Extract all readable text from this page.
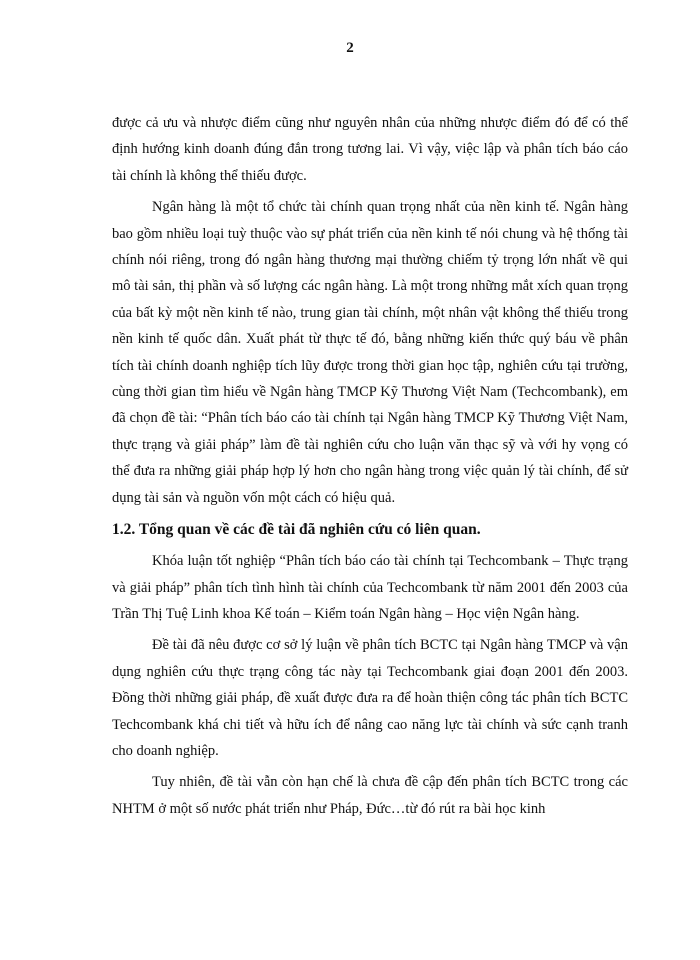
2

được cả ưu và nhược điểm cũng như nguyên nhân của những nhược điểm đó để có thể định hướng kinh doanh đúng đắn trong tương lai. Vì vậy, việc lập và phân tích báo cáo tài chính là không thể thiếu được.

Ngân hàng là một tổ chức tài chính quan trọng nhất của nền kinh tế. Ngân hàng bao gồm nhiều loại tuỳ thuộc vào sự phát triển của nền kinh tế nói chung và hệ thống tài chính nói riêng, trong đó ngân hàng thương mại thường chiếm tỷ trọng lớn nhất về qui mô tài sản, thị phần và số lượng các ngân hàng. Là một trong những mắt xích quan trọng của bất kỳ một nền kinh tế nào, trung gian tài chính, một nhân vật không thể thiếu trong nền kinh tế quốc dân. Xuất phát từ thực tế đó, bằng những kiến thức quý báu về phân tích tài chính doanh nghiệp tích lũy được trong thời gian học tập, nghiên cứu tại trường, cùng thời gian tìm hiểu về Ngân hàng TMCP Kỹ Thương Việt Nam (Techcombank), em đã chọn đề tài: “Phân tích báo cáo tài chính tại Ngân hàng TMCP Kỹ Thương Việt Nam, thực trạng và giải pháp” làm đề tài nghiên cứu cho luận văn thạc sỹ và với hy vọng có thể đưa ra những giải pháp hợp lý hơn cho ngân hàng trong việc quản lý tài chính, để sử dụng tài sản và nguồn vốn một cách có hiệu quả.

1.2. Tổng quan về các đề tài đã nghiên cứu có liên quan.

Khóa luận tốt nghiệp “Phân tích báo cáo tài chính tại Techcombank – Thực trạng và giải pháp” phân tích tình hình tài chính của Techcombank từ năm 2001 đến 2003 của Trần Thị Tuệ Linh khoa Kế toán – Kiểm toán Ngân hàng – Học viện Ngân hàng.

Đề tài đã nêu được cơ sở lý luận về phân tích BCTC tại Ngân hàng TMCP và vận dụng nghiên cứu thực trạng công tác này tại Techcombank giai đoạn 2001 đến 2003. Đồng thời những giải pháp, đề xuất được đưa ra để hoàn thiện công tác phân tích BCTC Techcombank khá chi tiết và hữu ích để nâng cao năng lực tài chính và sức cạnh tranh cho doanh nghiệp.

Tuy nhiên, đề tài vẫn còn hạn chế là chưa đề cập đến phân tích BCTC trong các NHTM ở một số nước phát triển như Pháp, Đức…từ đó rút ra bài học kinh
